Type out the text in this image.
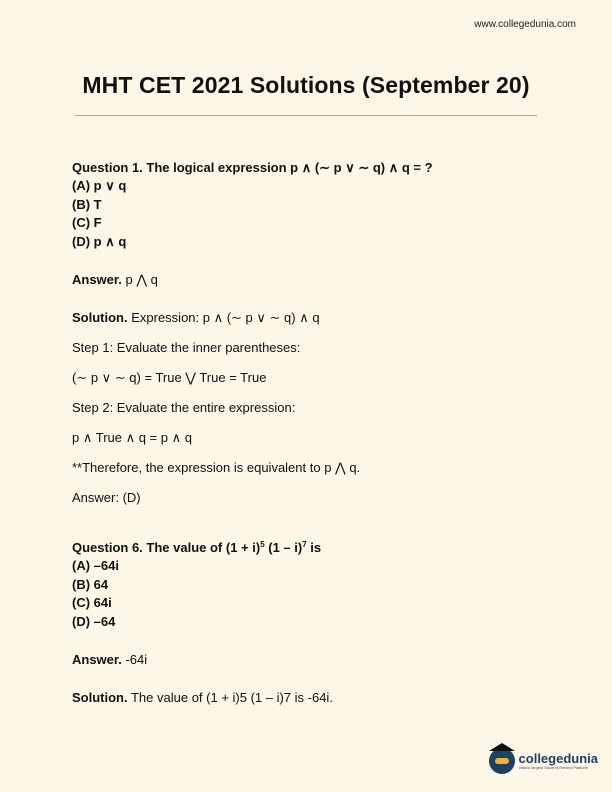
www.collegedunia.com
MHT CET 2021 Solutions (September 20)

Question 1. The logical expression p ∧ (∼ p ∨ ∼ q) ∧ q = ?

(A) p ∨ q
(B) T
(C) F
(D) p ∧ q
Answer. p ⋀ q
Solution. Expression: p ∧ (∼ p ∨ ∼ q) ∧ q
Step 1: Evaluate the inner parentheses:
(∼ p ∨ ∼ q) = True ⋁ True = True
Step 2: Evaluate the entire expression:
p ∧ True ∧ q = p ∧ q
**Therefore, the expression is equivalent to p ⋀ q.
Answer: (D)

Question 6. The value of $(1 + i)^5$ (1 – i)$^7$ is

(A) –64i
(B) 64
(C) 64i
(D) –64
Answer. -64i
Solution. The value of (1 + i)5 (1 – i)7 is -64i.
collegedunia
India's largest Student Review Platform
